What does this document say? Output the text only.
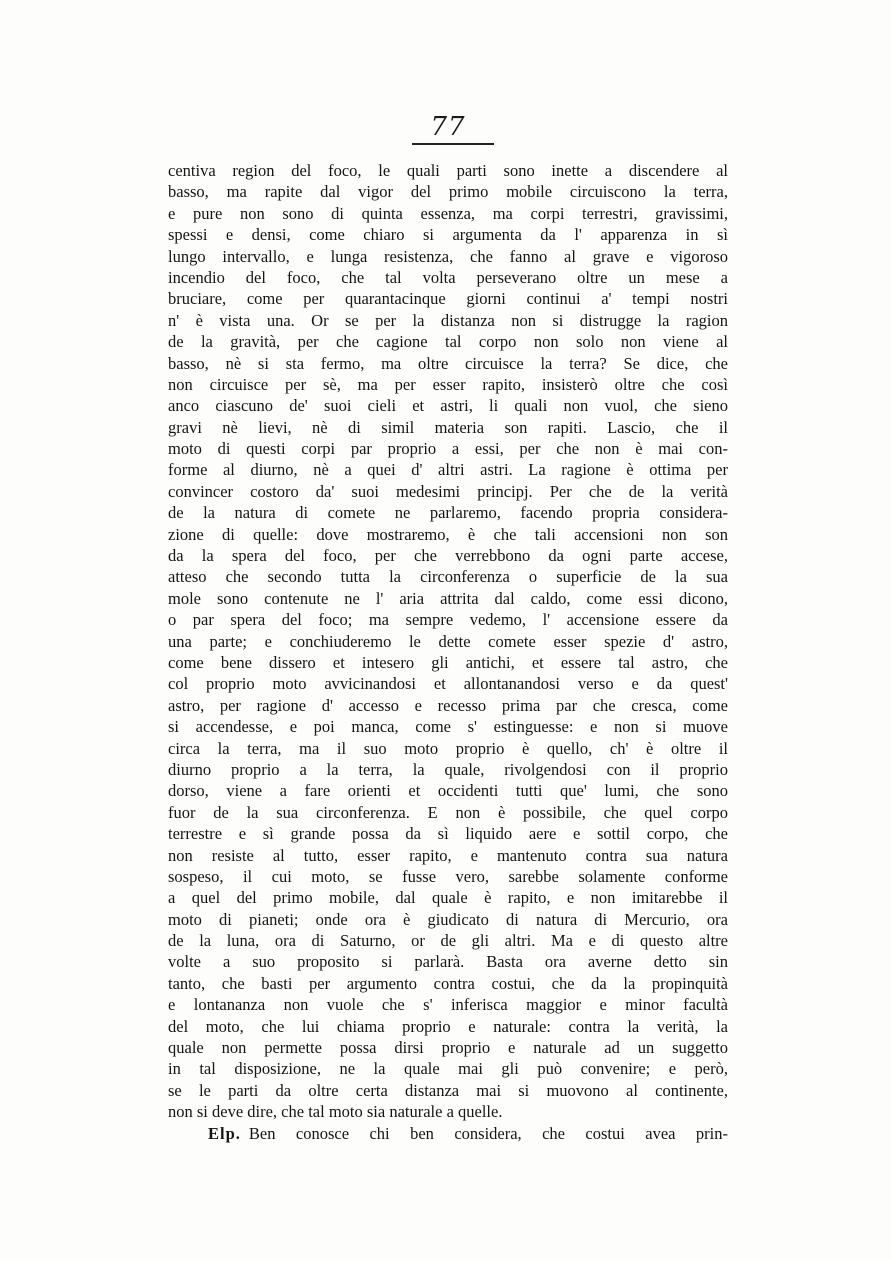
77
centiva region del foco, le quali parti sono inette a discendere al
basso, ma rapite dal vigor del primo mobile circuiscono la terra,
e pure non sono di quinta essenza, ma corpi terrestri, gravissimi,
spessi e densi, come chiaro si argumenta da l' apparenza in sì
lungo intervallo, e lunga resistenza, che fanno al grave e vigoroso
incendio del foco, che tal volta perseverano oltre un mese a
bruciare, come per quarantacinque giorni continui a' tempi nostri
n' è vista una. Or se per la distanza non si distrugge la ragion
de la gravità, per che cagione tal corpo non solo non viene al
basso, nè si sta fermo, ma oltre circuisce la terra? Se dice, che
non circuisce per sè, ma per esser rapito, insisterò oltre che così
anco ciascuno de' suoi cieli et astri, li quali non vuol, che sieno
gravi nè lievi, nè di simil materia son rapiti. Lascio, che il
moto di questi corpi par proprio a essi, per che non è mai con-
forme al diurno, nè a quei d' altri astri. La ragione è ottima per
convincer costoro da' suoi medesimi principj. Per che de la verità
de la natura di comete ne parlaremo, facendo propria considera-
zione di quelle: dove mostraremo, è che tali accensioni non son
da la spera del foco, per che verrebbono da ogni parte accese,
atteso che secondo tutta la circonferenza o superficie de la sua
mole sono contenute ne l' aria attrita dal caldo, come essi dicono,
o par spera del foco; ma sempre vedemo, l' accensione essere da
una parte; e conchiuderemo le dette comete esser spezie d' astro,
come bene dissero et intesero gli antichi, et essere tal astro, che
col proprio moto avvicinandosi et allontanandosi verso e da quest'
astro, per ragione d' accesso e recesso prima par che cresca, come
si accendesse, e poi manca, come s' estinguesse: e non si muove
circa la terra, ma il suo moto proprio è quello, ch' è oltre il
diurno proprio a la terra, la quale, rivolgendosi con il proprio
dorso, viene a fare orienti et occidenti tutti que' lumi, che sono
fuor de la sua circonferenza. E non è possibile, che quel corpo
terrestre e sì grande possa da sì liquido aere e sottil corpo, che
non resiste al tutto, esser rapito, e mantenuto contra sua natura
sospeso, il cui moto, se fusse vero, sarebbe solamente conforme
a quel del primo mobile, dal quale è rapito, e non imitarebbe il
moto di pianeti; onde ora è giudicato di natura di Mercurio, ora
de la luna, ora di Saturno, or de gli altri. Ma e di questo altre
volte a suo proposito si parlarà. Basta ora averne detto sin
tanto, che basti per argumento contra costui, che da la propinquità
e lontananza non vuole che s' inferisca maggior e minor facultà
del moto, che lui chiama proprio e naturale: contra la verità, la
quale non permette possa dirsi proprio e naturale ad un suggetto
in tal disposizione, ne la quale mai gli può convenire; e però,
se le parti da oltre certa distanza mai si muovono al continente,
non si deve dire, che tal moto sia naturale a quelle.
Elp. Ben conosce chi ben considera, che costui avea prin-
